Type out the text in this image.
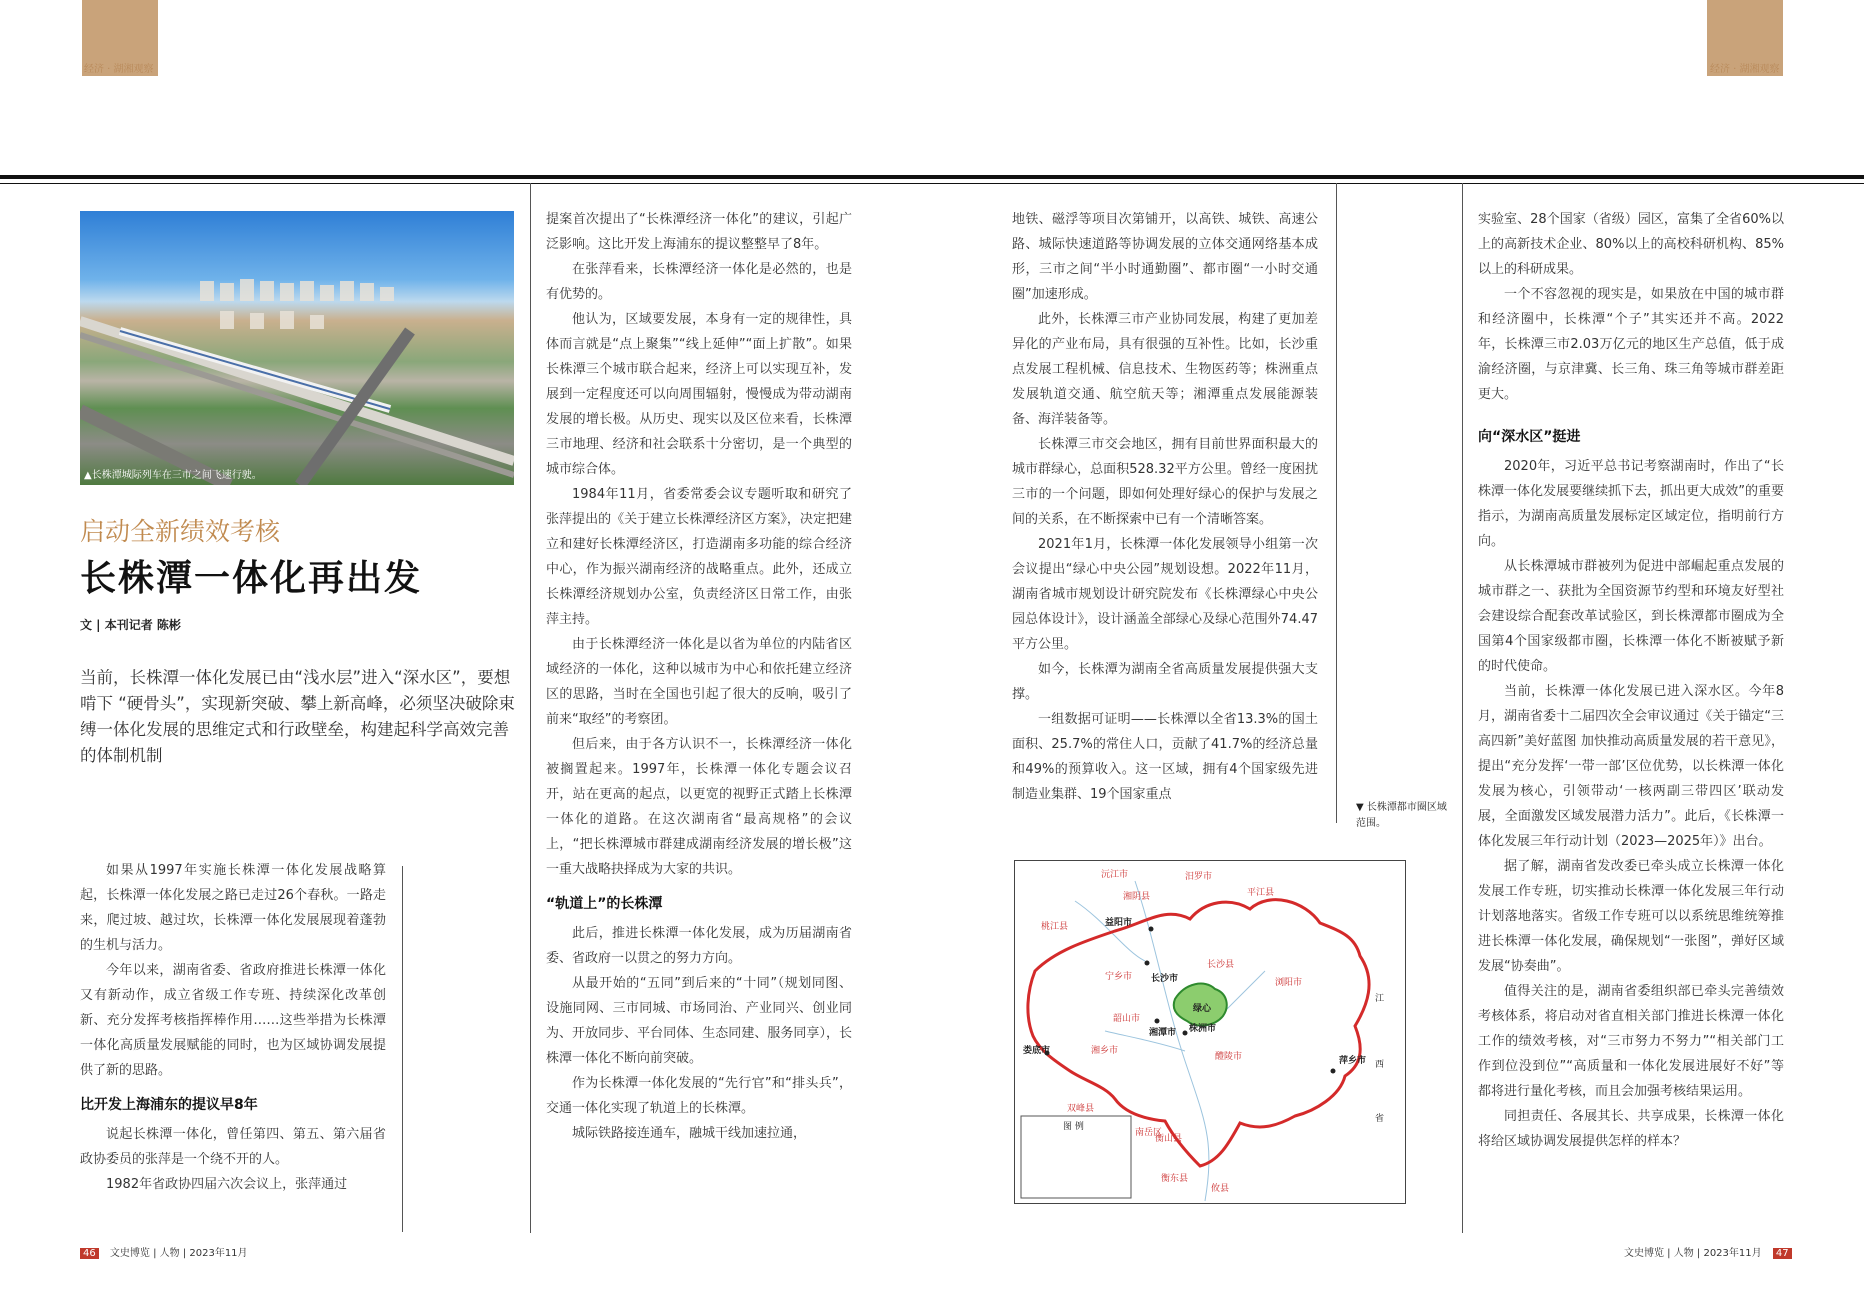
经济 · 湖湘观察	经济 · 湖湘观察
▲长株潭城际列车在三市之间飞速行驶。
启动全新绩效考核
长株潭一体化再出发
文 | 本刊记者 陈彬
当前，长株潭一体化发展已由“浅水层”进入“深水区”，要想啃下 “硬骨头”，实现新突破、攀上新高峰，必须坚决破除束缚一体化发展的思维定式和行政壁垒，构建起科学高效完善的体制机制

如果从1997年实施长株潭一体化发展战略算起，长株潭一体化发展之路已走过26个春秋。一路走来，爬过坡、越过坎，长株潭一体化发展展现着蓬勃的生机与活力。

今年以来，湖南省委、省政府推进长株潭一体化又有新动作，成立省级工作专班、持续深化改革创新、充分发挥考核指挥棒作用……这些举措为长株潭一体化高质量发展赋能的同时，也为区域协调发展提供了新的思路。

比开发上海浦东的提议早8年

说起长株潭一体化，曾任第四、第五、第六届省政协委员的张萍是一个绕不开的人。

1982年省政协四届六次会议上，张萍通过

提案首次提出了“长株潭经济一体化”的建议，引起广泛影响。这比开发上海浦东的提议整整早了8年。

在张萍看来，长株潭经济一体化是必然的，也是有优势的。

他认为，区域要发展，本身有一定的规律性，具体而言就是“点上聚集”“线上延伸”“面上扩散”。如果长株潭三个城市联合起来，经济上可以实现互补，发展到一定程度还可以向周围辐射，慢慢成为带动湖南发展的增长极。从历史、现实以及区位来看，长株潭三市地理、经济和社会联系十分密切，是一个典型的城市综合体。

1984年11月，省委常委会议专题听取和研究了张萍提出的《关于建立长株潭经济区方案》，决定把建立和建好长株潭经济区，打造湖南多功能的综合经济中心，作为振兴湖南经济的战略重点。此外，还成立长株潭经济规划办公室，负责经济区日常工作，由张萍主持。

由于长株潭经济一体化是以省为单位的内陆省区域经济的一体化，这种以城市为中心和依托建立经济区的思路，当时在全国也引起了很大的反响，吸引了前来“取经”的考察团。

但后来，由于各方认识不一，长株潭经济一体化被搁置起来。1997年，长株潭一体化专题会议召开，站在更高的起点，以更宽的视野正式踏上长株潭一体化的道路。在这次湖南省“最高规格”的会议上，“把长株潭城市群建成湖南经济发展的增长极”这一重大战略抉择成为大家的共识。

“轨道上”的长株潭

此后，推进长株潭一体化发展，成为历届湖南省委、省政府一以贯之的努力方向。

从最开始的“五同”到后来的“十同”（规划同图、设施同网、三市同城、市场同治、产业同兴、创业同为、开放同步、平台同体、生态同建、服务同享），长株潭一体化不断向前突破。

作为长株潭一体化发展的“先行官”和“排头兵”，交通一体化实现了轨道上的长株潭。

城际铁路接连通车，融城干线加速拉通，

地铁、磁浮等项目次第铺开，以高铁、城铁、高速公路、城际快速道路等协调发展的立体交通网络基本成形，三市之间“半小时通勤圈”、都市圈“一小时交通圈”加速形成。

此外，长株潭三市产业协同发展，构建了更加差异化的产业布局，具有很强的互补性。比如，长沙重点发展工程机械、信息技术、生物医药等；株洲重点发展轨道交通、航空航天等；湘潭重点发展能源装备、海洋装备等。

长株潭三市交会地区，拥有目前世界面积最大的城市群绿心，总面积528.32平方公里。曾经一度困扰三市的一个问题，即如何处理好绿心的保护与发展之间的关系，在不断探索中已有一个清晰答案。

2021年1月，长株潭一体化发展领导小组第一次会议提出“绿心中央公园”规划设想。2022年11月，湖南省城市规划设计研究院发布《长株潭绿心中央公园总体设计》，设计涵盖全部绿心及绿心范围外74.47平方公里。

如今，长株潭为湖南全省高质量发展提供强大支撑。

一组数据可证明——长株潭以全省13.3%的国土面积、25.7%的常住人口，贡献了41.7%的经济总量和49%的预算收入。这一区域，拥有4个国家级先进制造业集群、19个国家重点

▼ 长株潭都市圈区域范围。
汨罗市
湘阴县	平江县
益阳市
沅江市
桃江县
宁乡市
长沙县
浏阳市
长沙市
绿心
湘潭市 株洲市
娄底市	湘乡市
醴陵市	萍乡市
韶山市
攸县
衡山县
衡东县
南岳区
双峰县
江
西
省
图 例

实验室、28个国家（省级）园区，富集了全省60%以上的高新技术企业、80%以上的高校科研机构、85%以上的科研成果。

一个不容忽视的现实是，如果放在中国的城市群和经济圈中，长株潭“个子”其实还并不高。2022年，长株潭三市2.03万亿元的地区生产总值，低于成渝经济圈，与京津冀、长三角、珠三角等城市群差距更大。

向“深水区”挺进

2020年，习近平总书记考察湖南时，作出了“长株潭一体化发展要继续抓下去，抓出更大成效”的重要指示，为湖南高质量发展标定区域定位，指明前行方向。

从长株潭城市群被列为促进中部崛起重点发展的城市群之一、获批为全国资源节约型和环境友好型社会建设综合配套改革试验区，到长株潭都市圈成为全国第4个国家级都市圈，长株潭一体化不断被赋予新的时代使命。

当前，长株潭一体化发展已进入深水区。今年8月，湖南省委十二届四次全会审议通过《关于锚定“三高四新”美好蓝图 加快推动高质量发展的若干意见》，提出“充分发挥‘一带一部’区位优势，以长株潭一体化发展为核心，引领带动‘一核两副三带四区’联动发展，全面激发区域发展潜力活力”。此后，《长株潭一体化发展三年行动计划（2023—2025年）》出台。

据了解，湖南省发改委已牵头成立长株潭一体化发展工作专班，切实推动长株潭一体化发展三年行动计划落地落实。省级工作专班可以以系统思维统筹推进长株潭一体化发展，确保规划“一张图”，弹好区域发展“协奏曲”。

值得关注的是，湖南省委组织部已牵头完善绩效考核体系，将启动对省直相关部门推进长株潭一体化工作的绩效考核，对“三市努力不努力”“相关部门工作到位没到位”“高质量和一体化发展进展好不好”等都将进行量化考核，而且会加强考核结果运用。

同担责任、各展其长、共享成果，长株潭一体化将给区域协调发展提供怎样的样本？

46 文史博览 | 人物 | 2023年11月	文史博览 | 人物 | 2023年11月 47
